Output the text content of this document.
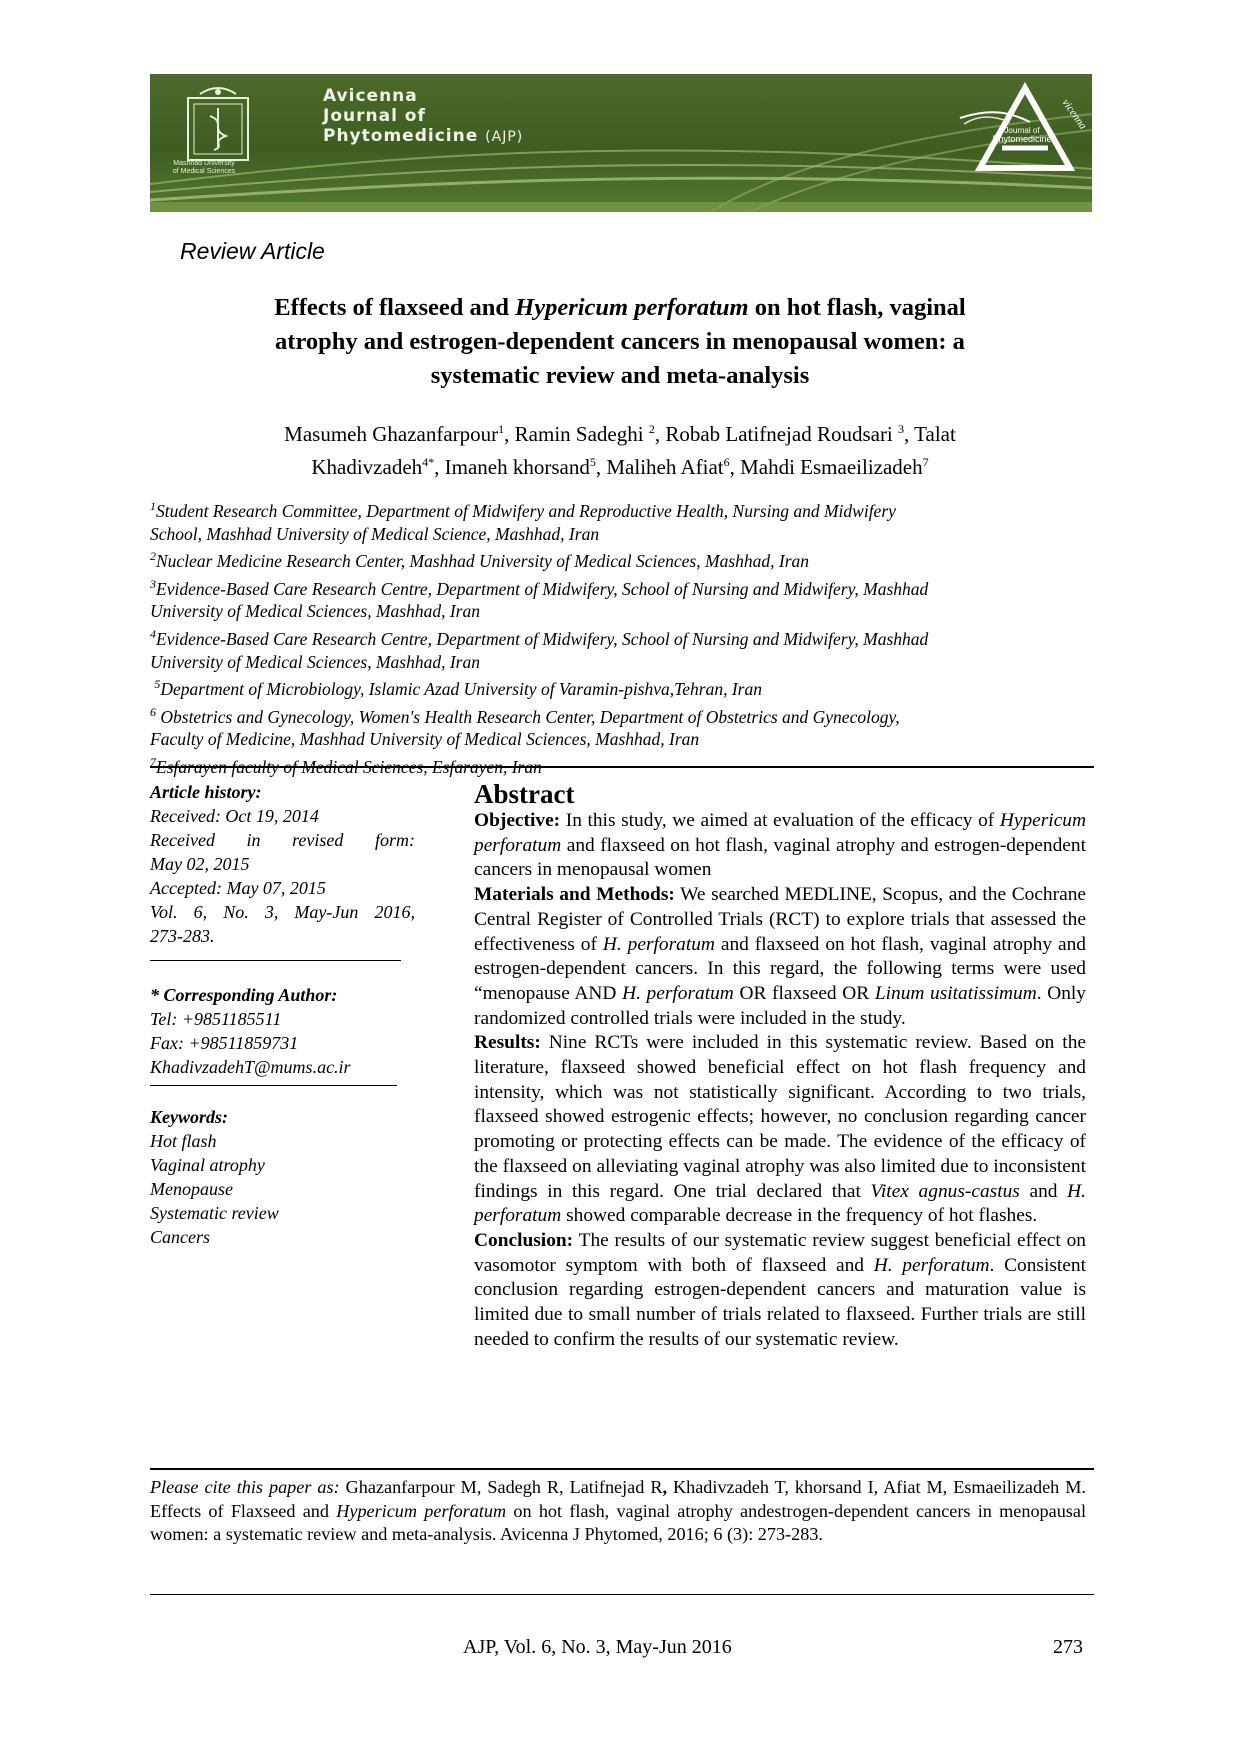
Mashhad University
of Medical Sciences
Avicenna
Journal of
Phytomedicine (AJP)
vicenna
Journal of
Phytomedicine
Review Article
Effects of flaxseed and Hypericum perforatum on hot flash, vaginal
atrophy and estrogen-dependent cancers in menopausal women: a
systematic review and meta-analysis
Masumeh Ghazanfarpour$^1$, Ramin Sadeghi $^2$, Robab Latifnejad Roudsari $^3$, Talat
Khadivzadeh$^{4*}$, Imaneh khorsand$^5$, Maliheh Afiat$^6$, Mahdi Esmaeilizadeh$^7$
$^1$Student Research Committee, Department of Midwifery and Reproductive Health, Nursing and Midwifery
School, Mashhad University of Medical Science, Mashhad, Iran
$^2$Nuclear Medicine Research Center, Mashhad University of Medical Sciences, Mashhad, Iran
$^3$Evidence-Based Care Research Centre, Department of Midwifery, School of Nursing and Midwifery, Mashhad
University of Medical Sciences, Mashhad, Iran
$^4$Evidence-Based Care Research Centre, Department of Midwifery, School of Nursing and Midwifery, Mashhad
University of Medical Sciences, Mashhad, Iran
$^5$Department of Microbiology, Islamic Azad University of Varamin-pishva,Tehran, Iran
$^6$ Obstetrics and Gynecology, Women's Health Research Center, Department of Obstetrics and Gynecology,
Faculty of Medicine, Mashhad University of Medical Sciences, Mashhad, Iran
$^7$Esfarayen faculty of Medical Sciences, Esfarayen, Iran
Article history:
Received: Oct 19, 2014
Received in revised form:
May 02, 2015
Accepted: May 07, 2015
Vol. 6, No. 3, May-Jun 2016,
273-283.
* Corresponding Author:
Tel: +9851185511
Fax: +98511859731
KhadivzadehT@mums.ac.ir
Keywords:
Hot flash
Vaginal atrophy
Menopause
Systematic review
Cancers
Abstract

Objective: In this study, we aimed at evaluation of the efficacy of Hypericum perforatum and flaxseed on hot flash, vaginal atrophy and estrogen-dependent cancers in menopausal women

Materials and Methods: We searched MEDLINE, Scopus, and the Cochrane Central Register of Controlled Trials (RCT) to explore trials that assessed the effectiveness of H. perforatum and flaxseed on hot flash, vaginal atrophy and estrogen-dependent cancers. In this regard, the following terms were used “menopause AND H. perforatum OR flaxseed OR Linum usitatissimum. Only randomized controlled trials were included in the study.

Results: Nine RCTs were included in this systematic review. Based on the literature, flaxseed showed beneficial effect on hot flash frequency and intensity, which was not statistically significant. According to two trials, flaxseed showed estrogenic effects; however, no conclusion regarding cancer promoting or protecting effects can be made. The evidence of the efficacy of the flaxseed on alleviating vaginal atrophy was also limited due to inconsistent findings in this regard. One trial declared that Vitex agnus-castus and H. perforatum showed comparable decrease in the frequency of hot flashes.

Conclusion: The results of our systematic review suggest beneficial effect on vasomotor symptom with both of flaxseed and H. perforatum. Consistent conclusion regarding estrogen-dependent cancers and maturation value is limited due to small number of trials related to flaxseed. Further trials are still needed to confirm the results of our systematic review.

Please cite this paper as: Ghazanfarpour M, Sadegh R, Latifnejad R, Khadivzadeh T, khorsand I, Afiat M, Esmaeilizadeh M. Effects of Flaxseed and Hypericum perforatum on hot flash, vaginal atrophy andestrogen-dependent cancers in menopausal women: a systematic review and meta-analysis. Avicenna J Phytomed, 2016; 6 (3): 273-283.
AJP, Vol. 6, No. 3, May-Jun 2016	273
